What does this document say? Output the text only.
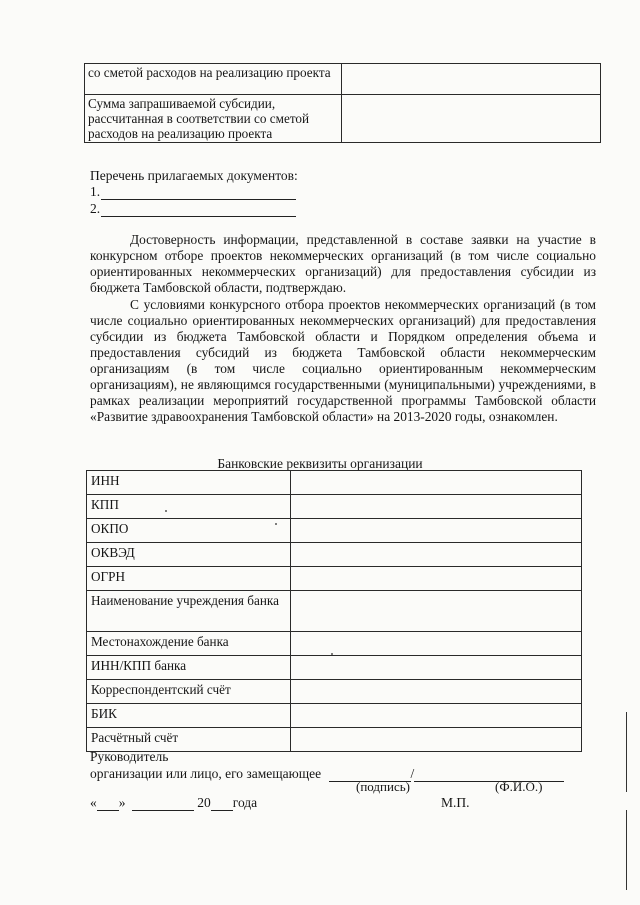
со сметой расходов на реализацию проекта	
Сумма запрашиваемой субсидии, рассчитанная в соответствии со сметой расходов на реализацию проекта	
Перечень прилагаемых документов:
1.
2.
Достоверность информации, представленной в составе заявки на участие в конкурсном отборе проектов некоммерческих организаций (в том числе социально ориентированных некоммерческих организаций) для предоставления субсидии из бюджета Тамбовской области, подтверждаю.
С условиями конкурсного отбора проектов некоммерческих организаций (в том числе социально ориентированных некоммерческих организаций) для предоставления субсидии из бюджета Тамбовской области и Порядком определения объема и предоставления субсидий из бюджета Тамбовской области некоммерческим организациям (в том числе социально ориентированным некоммерческим организациям), не являющимся государственными (муниципальными) учреждениями, в рамках реализации мероприятий государственной программы Тамбовской области «Развитие здравоохранения Тамбовской области» на 2013-2020 годы, ознакомлен.
Банковские реквизиты организации
ИНН	
КПП	
ОКПО	
ОКВЭД	
ОГРН	
Наименование учреждения банка	
Местонахождение банка	
ИНН/КПП банка	
Корреспондентский счёт	
БИК	
Расчётный счёт	
Руководитель
организации или лицо, его замещающее	/
(подпись)	(Ф.И.О.)
« »	20 года	М.П.
